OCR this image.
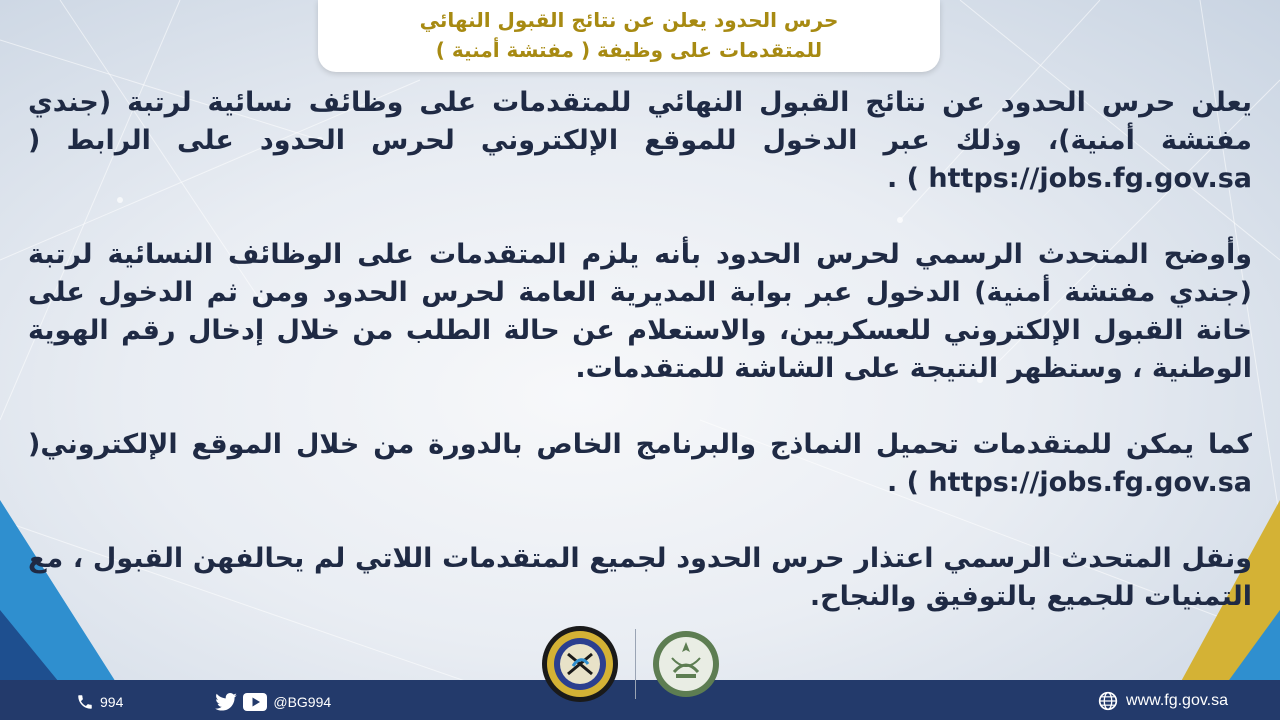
حرس الحدود يعلن عن نتائج القبول النهائي
للمتقدمات على وظيفة ( مفتشة أمنية )

يعلن حرس الحدود عن نتائج القبول النهائي للمتقدمات على وظائف نسائية لرتبة (جندي مفتشة أمنية)، وذلك عبر الدخول للموقع الإلكتروني لحرس الحدود على الرابط ( https://jobs.fg.gov.sa ) .

وأوضح المتحدث الرسمي لحرس الحدود بأنه يلزم المتقدمات على الوظائف النسائية لرتبة (جندي مفتشة أمنية) الدخول عبر بوابة المديرية العامة لحرس الحدود ومن ثم الدخول على خانة القبول الإلكتروني للعسكريين، والاستعلام عن حالة الطلب من خلال إدخال رقم الهوية الوطنية ، وستظهر النتيجة على الشاشة للمتقدمات.

كما يمكن للمتقدمات تحميل النماذج والبرنامج الخاص بالدورة من خلال الموقع الإلكتروني( https://jobs.fg.gov.sa ) .

ونقل المتحدث الرسمي اعتذار حرس الحدود لجميع المتقدمات اللاتي لم يحالفهن القبول ، مع التمنيات للجميع بالتوفيق والنجاح.

994	@BG994	www.fg.gov.sa
